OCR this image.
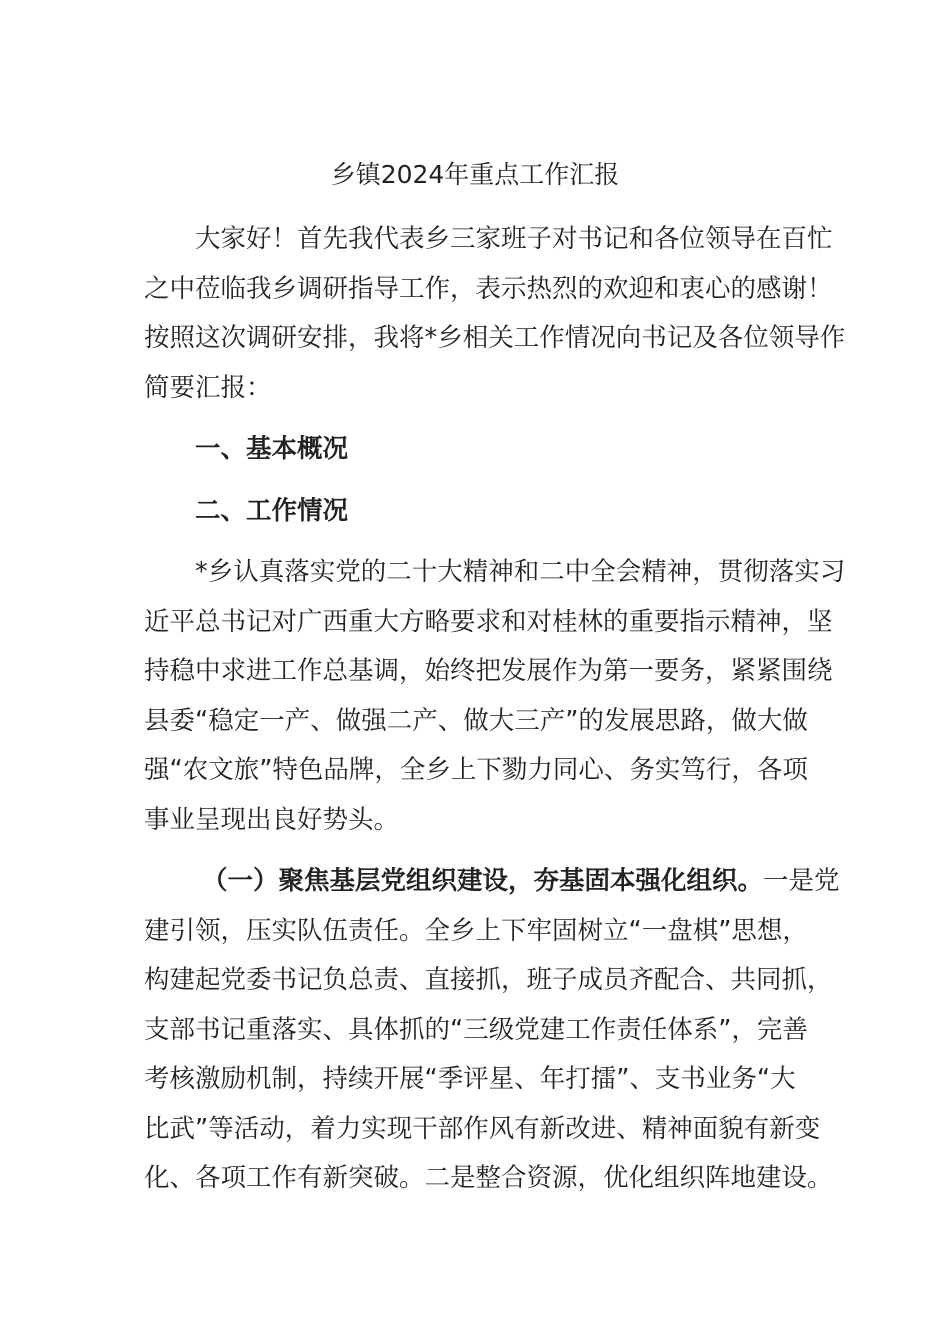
乡镇2024年重点工作汇报

大家好！首先我代表乡三家班子对书记和各位领导在百忙
之中莅临我乡调研指导工作，表示热烈的欢迎和衷心的感谢！
按照这次调研安排，我将*乡相关工作情况向书记及各位领导作
简要汇报：

一、基本概况

二、工作情况

*乡认真落实党的二十大精神和二中全会精神，贯彻落实习
近平总书记对广西重大方略要求和对桂林的重要指示精神，坚
持稳中求进工作总基调，始终把发展作为第一要务，紧紧围绕
县委“稳定一产、做强二产、做大三产”的发展思路，做大做
强“农文旅”特色品牌，全乡上下勠力同心、务实笃行，各项
事业呈现出良好势头。

（一）聚焦基层党组织建设，夯基固本强化组织。一是党
建引领，压实队伍责任。全乡上下牢固树立“一盘棋”思想，
构建起党委书记负总责、直接抓，班子成员齐配合、共同抓，
支部书记重落实、具体抓的“三级党建工作责任体系”，完善
考核激励机制，持续开展“季评星、年打擂”、支书业务“大
比武”等活动，着力实现干部作风有新改进、精神面貌有新变
化、各项工作有新突破。二是整合资源，优化组织阵地建设。
